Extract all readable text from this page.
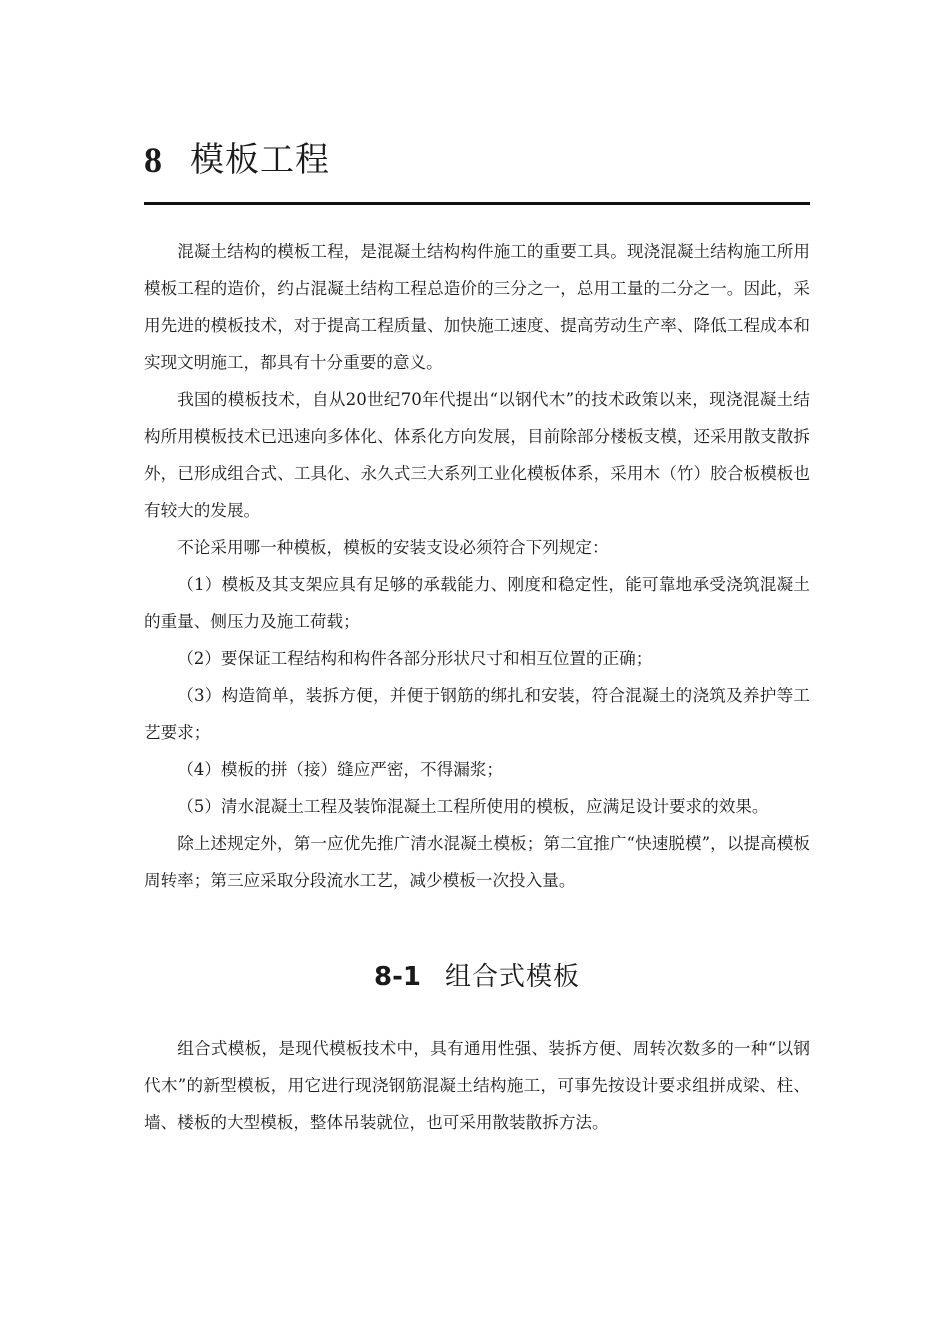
8 模板工程

混凝土结构的模板工程，是混凝土结构构件施工的重要工具。现浇混凝土结构施工所用模板工程的造价，约占混凝土结构工程总造价的三分之一，总用工量的二分之一。因此，采用先进的模板技术，对于提高工程质量、加快施工速度、提高劳动生产率、降低工程成本和实现文明施工，都具有十分重要的意义。

我国的模板技术，自从20世纪70年代提出“以钢代木”的技术政策以来，现浇混凝土结构所用模板技术已迅速向多体化、体系化方向发展，目前除部分楼板支模，还采用散支散拆外，已形成组合式、工具化、永久式三大系列工业化模板体系，采用木（竹）胶合板模板也有较大的发展。

不论采用哪一种模板，模板的安装支设必须符合下列规定：

（1）模板及其支架应具有足够的承载能力、刚度和稳定性，能可靠地承受浇筑混凝土的重量、侧压力及施工荷载；

（2）要保证工程结构和构件各部分形状尺寸和相互位置的正确；

（3）构造简单，装拆方便，并便于钢筋的绑扎和安装，符合混凝土的浇筑及养护等工艺要求；

（4）模板的拼（接）缝应严密，不得漏浆；

（5）清水混凝土工程及装饰混凝土工程所使用的模板，应满足设计要求的效果。

除上述规定外，第一应优先推广清水混凝土模板；第二宜推广“快速脱模”，以提高模板周转率；第三应采取分段流水工艺，减少模板一次投入量。

8-1 组合式模板

组合式模板，是现代模板技术中，具有通用性强、装拆方便、周转次数多的一种“以钢代木”的新型模板，用它进行现浇钢筋混凝土结构施工，可事先按设计要求组拼成梁、柱、墙、楼板的大型模板，整体吊装就位，也可采用散装散拆方法。
